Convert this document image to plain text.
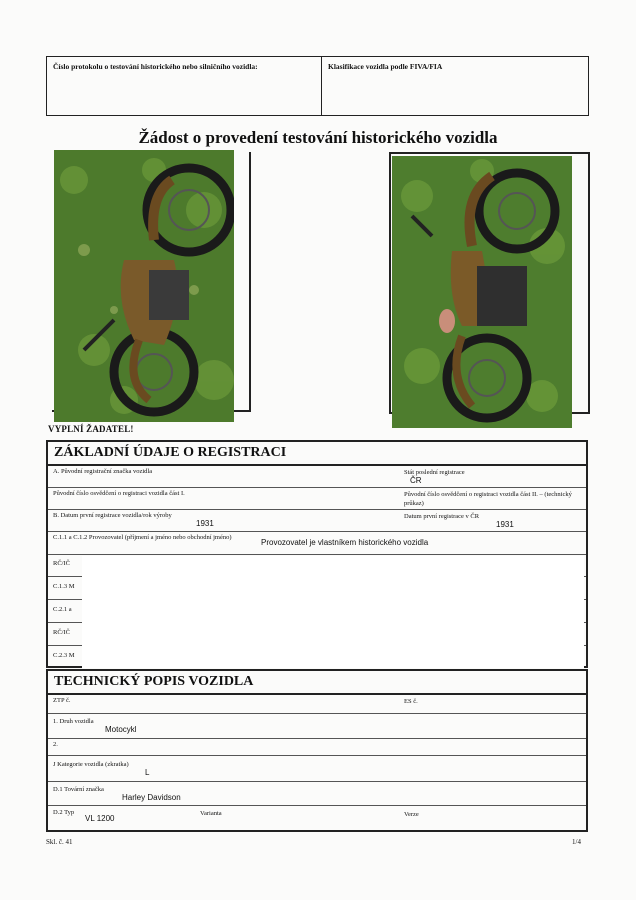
Číslo protokolu o testování historického nebo silničního vozidla:	Klasifikace vozidla podle FIVA/FIA
Žádost o provedení testování historického vozidla
VYPLNÍ ŽADATEL!
ZÁKLADNÍ ÚDAJE O REGISTRACI
A. Původní registrační značka vozidla	Stát poslední registrace
ČR
Původní číslo osvědčení o registraci vozidla část I.	Původní číslo osvědčení o registraci vozidla část II. – (technický průkaz)
B. Datum první registrace vozidla/rok výroby
1931
Datum první registrace v ČR
1931
C.1.1 a C.1.2 Provozovatel (příjmení a jméno nebo obchodní jméno)
Provozovatel je vlastníkem historického vozidla
RČ/IČ
C.1.3 M
C.2.1 a
RČ/IČ
C.2.3 M
TECHNICKÝ POPIS VOZIDLA
ZTP č.	ES č.
1. Druh vozidla
Motocykl
2.
J Kategorie vozidla (zkratka)
L
D.1 Tovární značka
Harley Davidson
D.2 Typ
VL 1200
Varianta	Verze
Skl. č. 41	1/4
